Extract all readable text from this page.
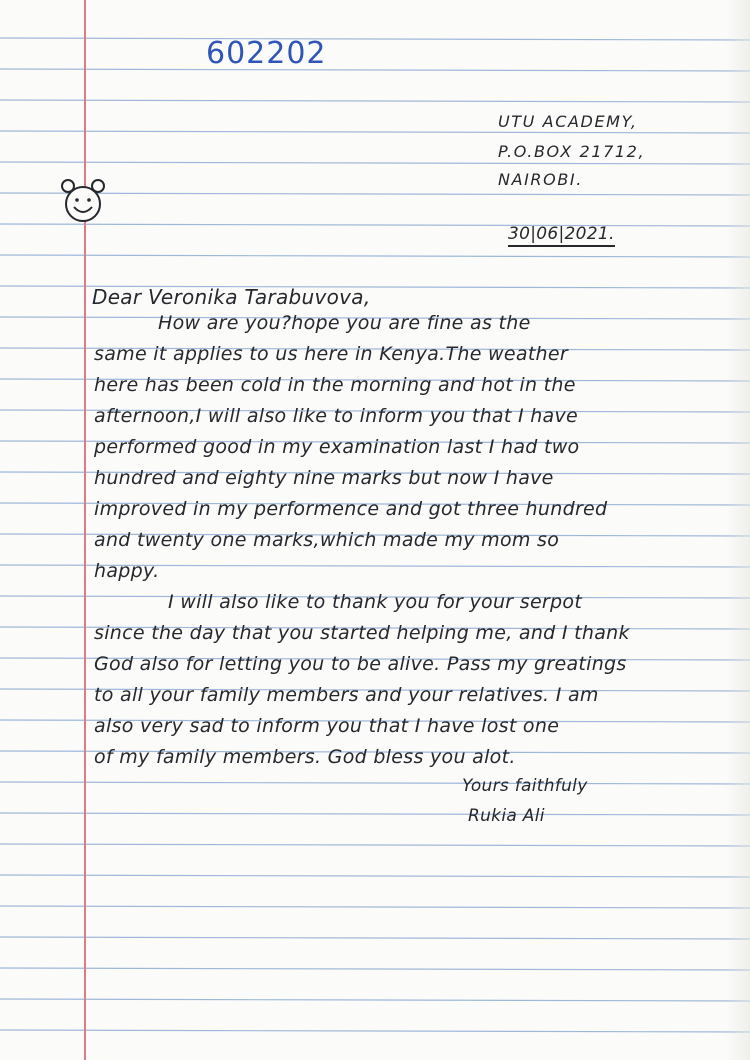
602202
UTU ACADEMY,
P.O.BOX 21712,
NAIROBI.
30|06|2021.
Dear Veronika Tarabuvova,
How are you?hope you are fine as the
same it applies to us here in Kenya.The weather
here has been cold in the morning and hot in the
afternoon,I will also like to inform you that I have
performed good in my examination last I had two
hundred and eighty nine marks but now I have
improved in my performence and got three hundred
and twenty one marks,which made my mom so
happy.
I will also like to thank you for your serpot
since the day that you started helping me, and I thank
God also for letting you to be alive. Pass my greatings
to all your family members and your relatives. I am
also very sad to inform you that I have lost one
of my family members. God bless you alot.
Yours faithfuly
Rukia Ali
